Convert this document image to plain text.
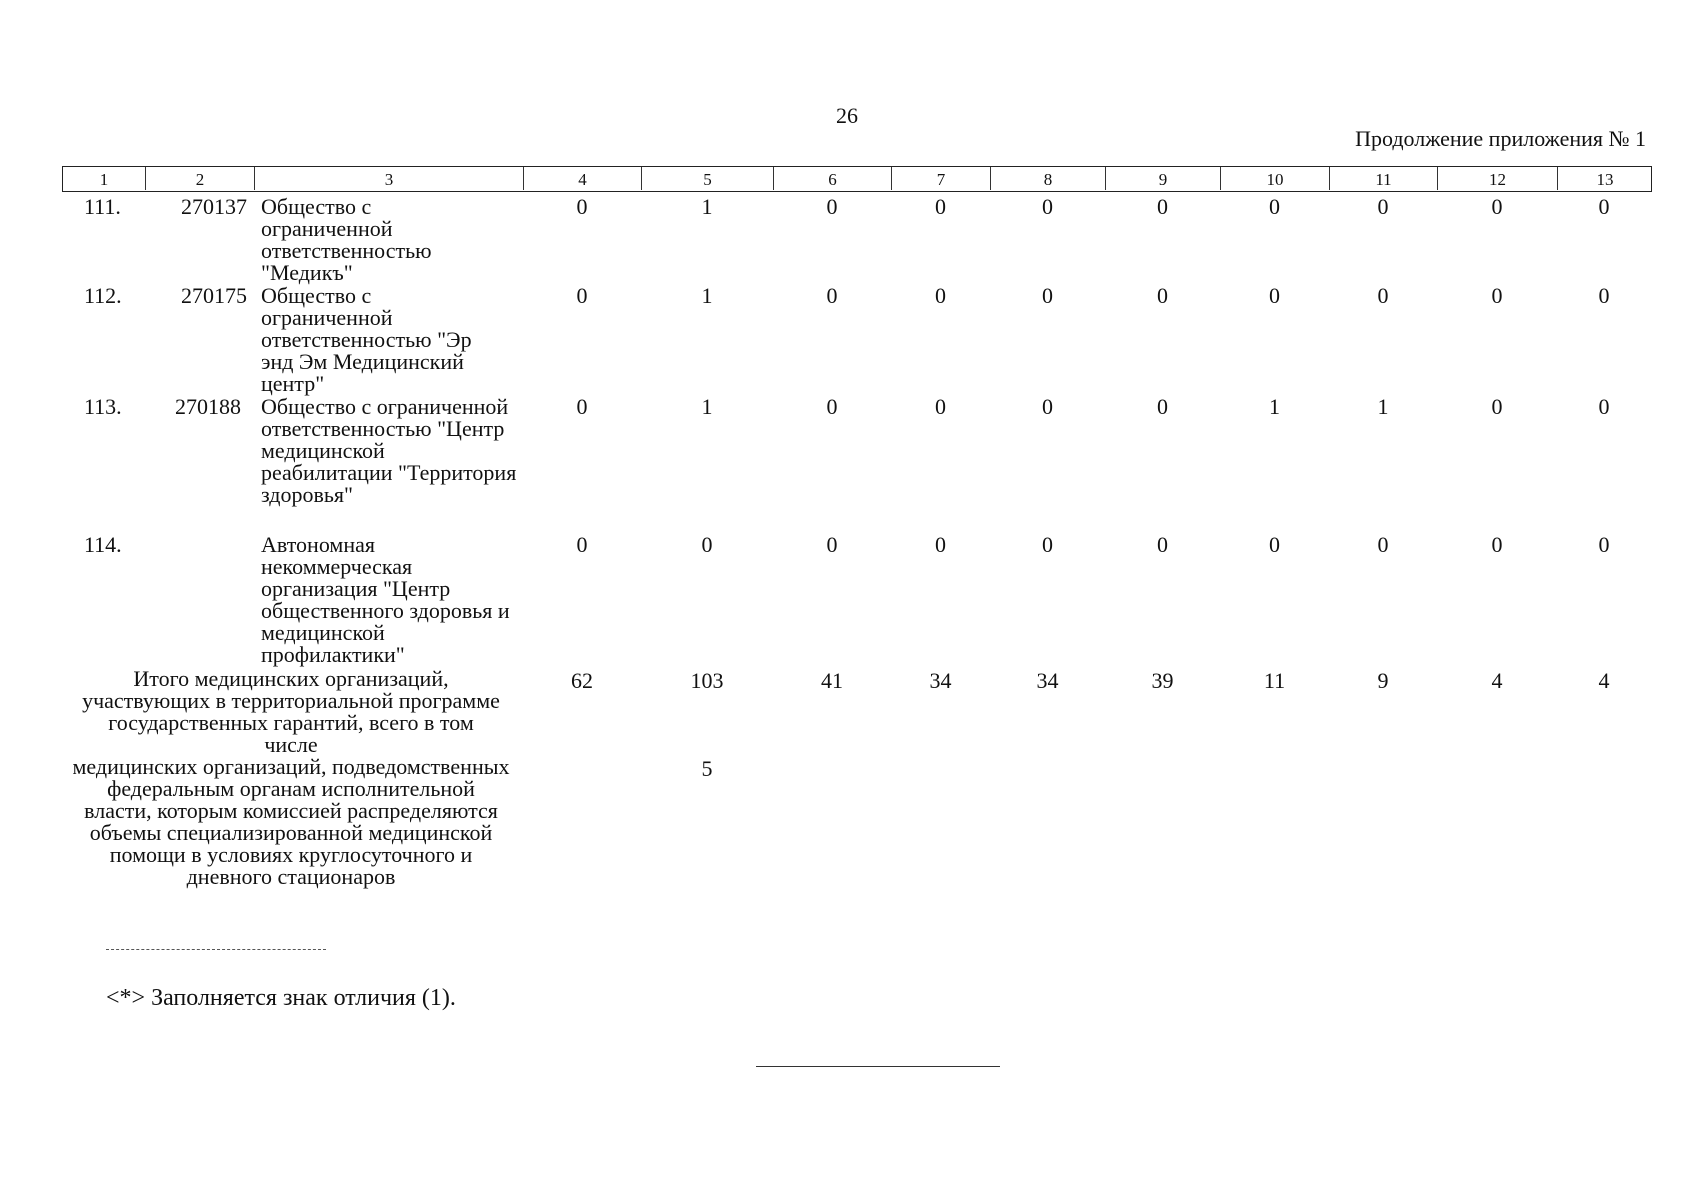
26
Продолжение приложения № 1
1	2	3	4	5	6	7	8	9	10	11	12	13
111.	270137 Общество с ограниченной ответственностью "Медикъ"
0	1	0	0	0	0	0	0	0	0
112.	270175 Общество с ограниченной ответственностью "Эр энд Эм Медицинский центр"
0	1	0	0	0	0	0	0	0	0
113.	270188 Общество с ограниченной ответственностью "Центр медицинской реабилитации "Территория здоровья"
0	1	0	0	0	0	1	1	0	0
114.	Автономная некоммерческая организация "Центр общественного здоровья и медицинской профилактики"
0	0	0	0	0	0	0	0	0	0
Итого медицинских организаций, участвующих в территориальной программе государственных гарантий, всего в том числе
62	103	41	34	34	39	11	9	4	4
медицинских организаций, подведомственных федеральным органам исполнительной власти, которым комиссией распределяются объемы специализированной медицинской помощи в условиях круглосуточного и дневного стационаров
5
<*> Заполняется знак отличия (1).
